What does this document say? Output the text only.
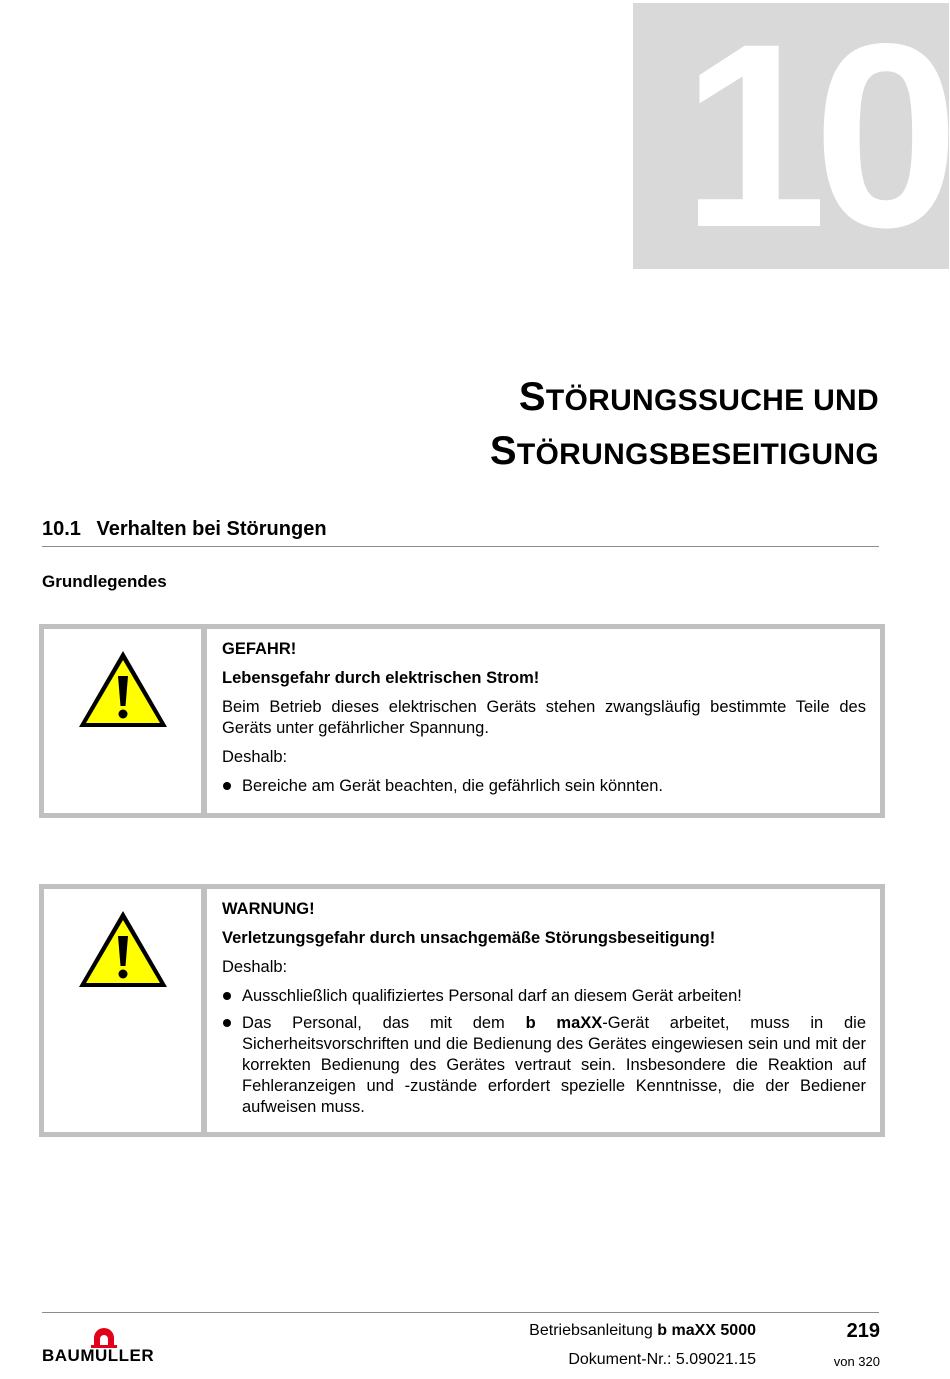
10
STÖRUNGSSUCHE UND
STÖRUNGSBESEITIGUNG
10.1 Verhalten bei Störungen
Grundlegendes

GEFAHR!

Lebensgefahr durch elektrischen Strom!

Beim Betrieb dieses elektrischen Geräts stehen zwangsläufig bestimmte Teile des Geräts unter gefährlicher Spannung.

Deshalb:

Bereiche am Gerät beachten, die gefährlich sein könnten.

WARNUNG!

Verletzungsgefahr durch unsachgemäße Störungsbeseitigung!

Deshalb:

Ausschließlich qualifiziertes Personal darf an diesem Gerät arbeiten!
Das Personal, das mit dem b maXX-Gerät arbeitet, muss in die Sicherheitsvorschriften und die Bedienung des Gerätes eingewiesen sein und mit der korrekten Bedienung des Gerätes vertraut sein. Insbesondere die Reaktion auf Fehleranzeigen und -zustände erfordert spezielle Kenntnisse, die der Bediener aufweisen muss.
BAUMULLER
Betriebsanleitung b maXX 5000	219
Dokument-Nr.: 5.09021.15	von 320
